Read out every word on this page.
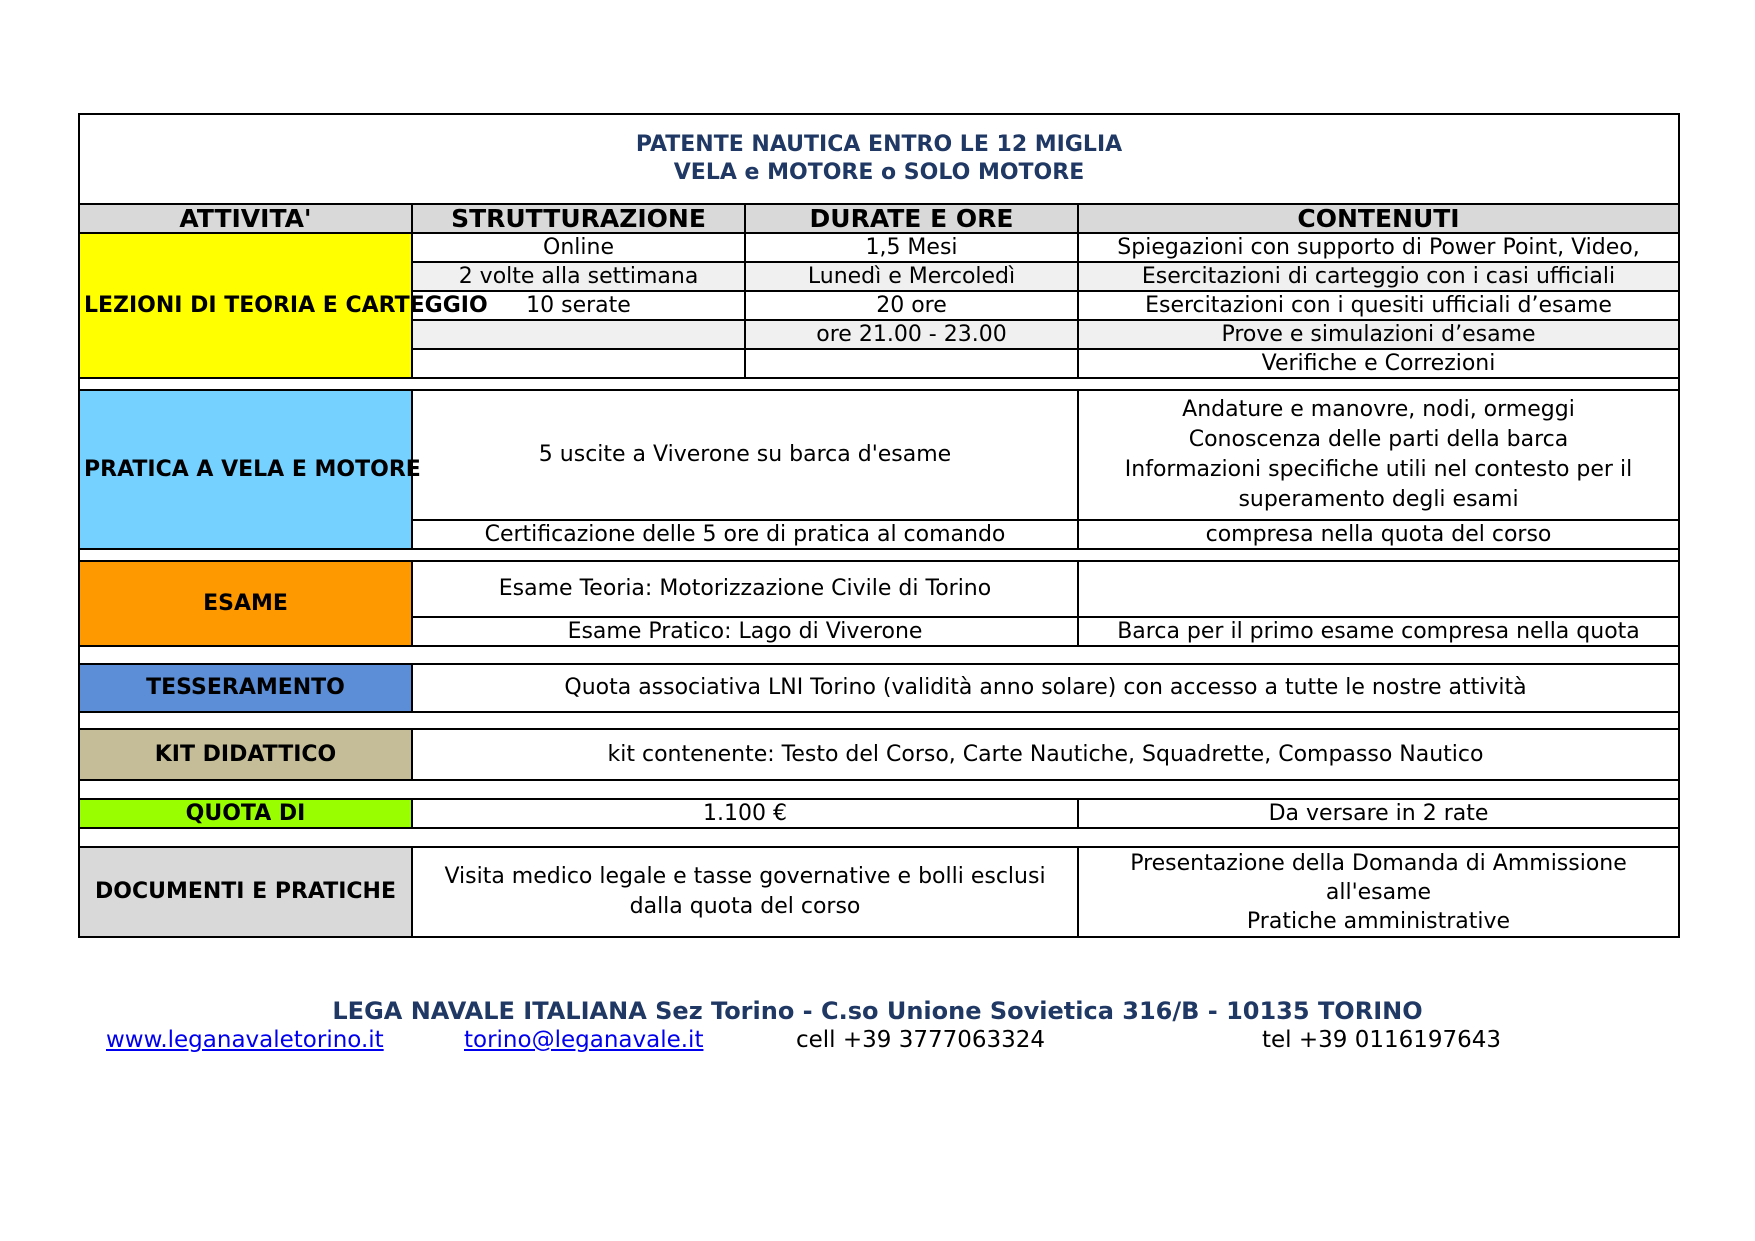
PATENTE NAUTICA ENTRO LE 12 MIGLIA
VELA e MOTORE o SOLO MOTORE			

ATTIVITA'	STRUTTURAZIONE	DURATE E ORE	CONTENUTI
LEZIONI DI TEORIA E CARTEGGIO	Online	1,5 Mesi	Spiegazioni con supporto di Power Point, Video,
	2 volte alla settimana	Lunedì e Mercoledì	Esercitazioni di carteggio con i casi ufficiali
	10 serate	20 ore	Esercitazioni con i quesiti ufficiali d’esame
		ore 21.00 - 23.00	Prove e simulazioni d’esame
			Verifiche e Correzioni

PRATICA A VELA E MOTORE	5 uscite a Viverone su barca d'esame		Andature e manovre, nodi, ormeggi
Conoscenza delle parti della barca
Informazioni specifiche utili nel contesto per il superamento degli esami

	Certificazione delle 5 ore di pratica al comando		compresa nella quota del corso

ESAME	Esame Teoria: Motorizzazione Civile di Torino		
	Esame Pratico: Lago di Viverone		Barca per il primo esame compresa nella quota

TESSERAMENTO	Quota associativa LNI Torino (validità anno solare) con accesso a tutte le nostre attività		

KIT DIDATTICO	kit contenente: Testo del Corso, Carte Nautiche, Squadrette, Compasso Nautico		

QUOTA DI	1.100 €		Da versare in 2 rate

DOCUMENTI E PRATICHE	Visita medico legale e tasse governative e bolli esclusi dalla quota del corso		Presentazione della Domanda di Ammissione all'esame
Pratiche amministrative
LEGA NAVALE ITALIANA Sez Torino - C.so Unione Sovietica 316/B - 10135 TORINO
www.leganavaletorino.it	torino@leganavale.it	cell +39 3777063324	tel +39 0116197643
